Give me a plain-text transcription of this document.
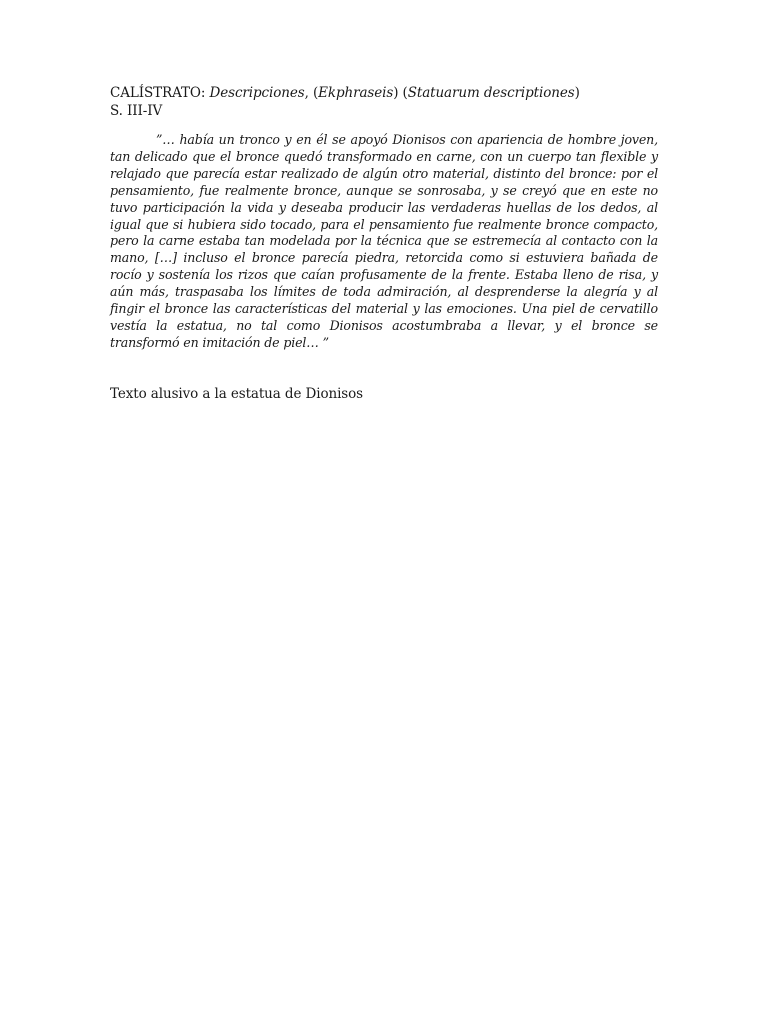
CALÍSTRATO: Descripciones, (Ekphraseis) (Statuarum descriptiones)
S. III-IV

”… había un tronco y en él se apoyó Dionisos con apariencia de hombre joven, tan delicado que el bronce quedó transformado en carne, con un cuerpo tan flexible y relajado que parecía estar realizado de algún otro material, distinto del bronce: por el pensamiento, fue realmente bronce, aunque se sonrosaba, y se creyó que en este no tuvo participación la vida y deseaba producir las verdaderas huellas de los dedos, al igual que si hubiera sido tocado, para el pensamiento fue realmente bronce compacto, pero la carne estaba tan modelada por la técnica que se estremecía al contacto con la mano, […] incluso el bronce parecía piedra, retorcida como si estuviera bañada de rocío y sostenía los rizos que caían profusamente de la frente. Estaba lleno de risa, y aún más, traspasaba los límites de toda admiración, al desprenderse la alegría y al fingir el bronce las características del material y las emociones. Una piel de cervatillo vestía la estatua, no tal como Dionisos acostumbraba a llevar, y el bronce se transformó en imitación de piel… ”

Texto alusivo a la estatua de Dionisos
